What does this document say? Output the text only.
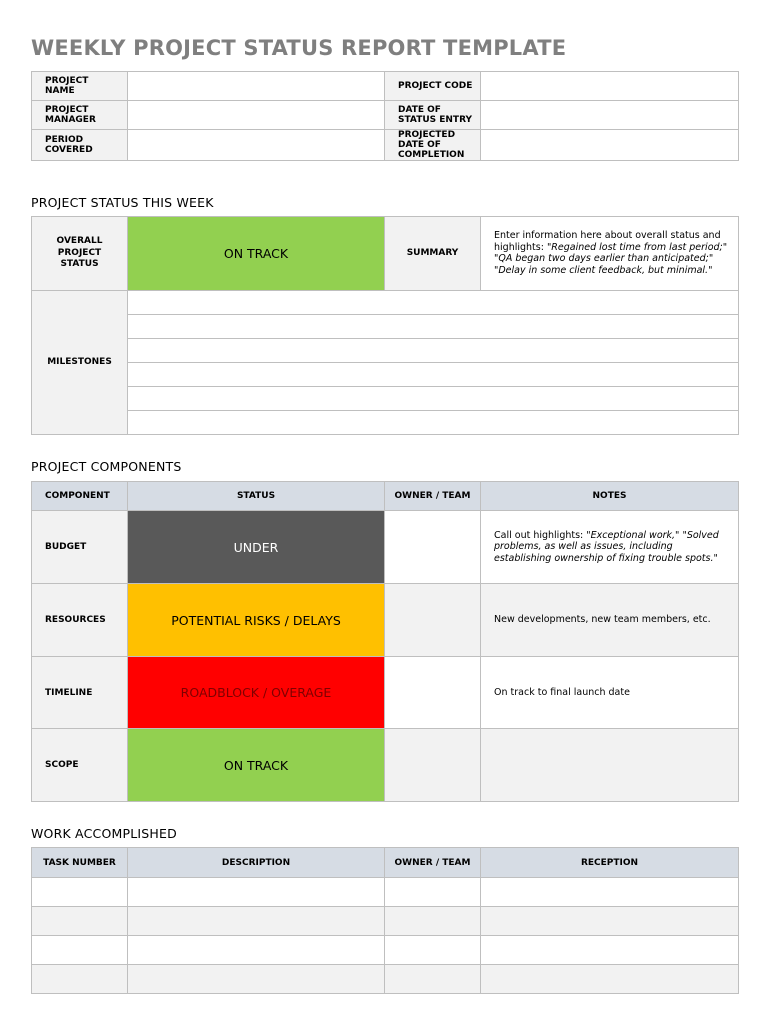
WEEKLY PROJECT STATUS REPORT TEMPLATE
PROJECT NAME		PROJECT CODE	
PROJECT MANAGER		DATE OF STATUS ENTRY	
PERIOD COVERED		PROJECTED DATE OF COMPLETION	
PROJECT STATUS THIS WEEK
OVERALL PROJECT STATUS	ON TRACK	SUMMARY	Enter information here about overall status and highlights: "Regained lost time from last period;" "QA began two days earlier than anticipated;" "Delay in some client feedback, but minimal."
MILESTONES			

PROJECT COMPONENTS
COMPONENT	STATUS	OWNER / TEAM	NOTES
BUDGET	UNDER		Call out highlights: "Exceptional work," "Solved problems, as well as issues, including establishing ownership of fixing trouble spots."
RESOURCES	POTENTIAL RISKS / DELAYS		New developments, new team members, etc.
TIMELINE	ROADBLOCK / OVERAGE		On track to final launch date
SCOPE	ON TRACK		
WORK ACCOMPLISHED
TASK NUMBER	DESCRIPTION	OWNER / TEAM	RECEPTION
